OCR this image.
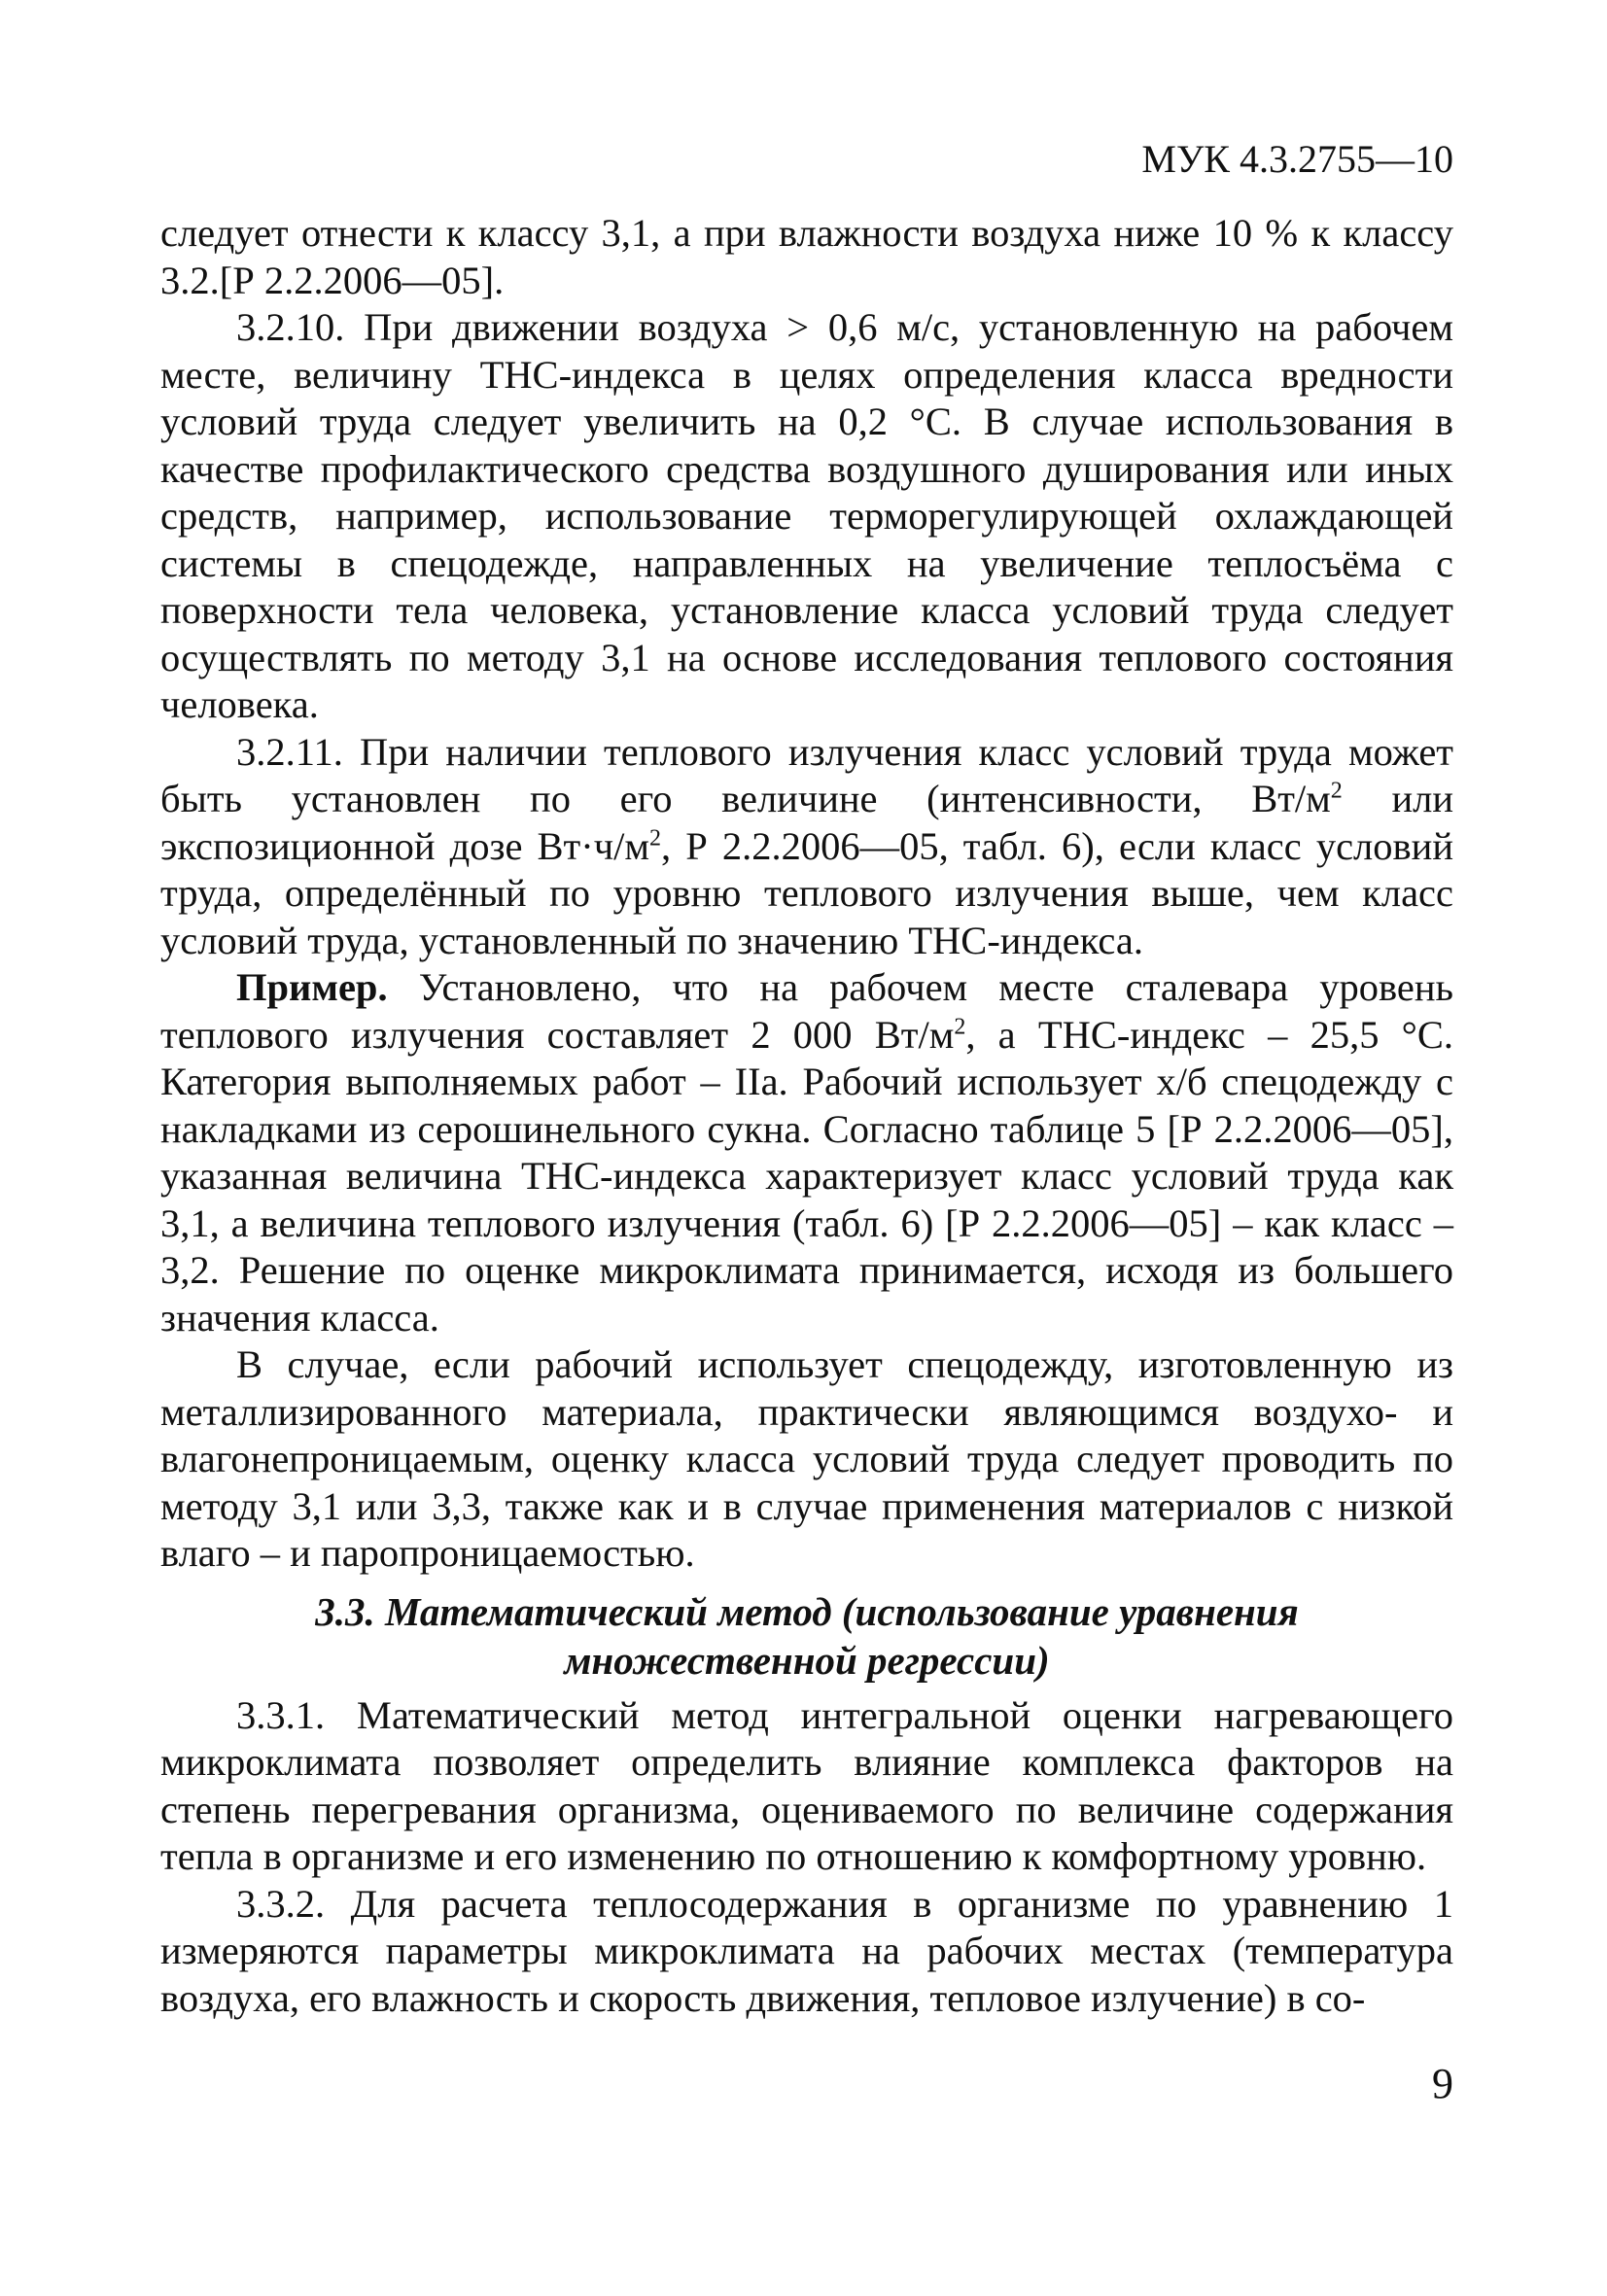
МУК 4.3.2755—10

следует отнести к классу 3,1, а при влажности воздуха ниже 10 % к классу 3.2.[Р 2.2.2006—05].

3.2.10. При движении воздуха > 0,6 м/с, установленную на рабочем месте, величину ТНС-индекса в целях определения класса вредности условий труда следует увеличить на 0,2 °С. В случае использования в качестве профилактического средства воздушного душирования или иных средств, например, использование терморегулирующей охлаждающей системы в спецодежде, направленных на увеличение теплосъёма с поверхности тела человека, установление класса условий труда следует осуществлять по методу 3,1 на основе исследования теплового состояния человека.

3.2.11. При наличии теплового излучения класс условий труда может быть установлен по его величине (интенсивности, $Вт/м^2$ или экспозиционной дозе $Вт\cdot ч/м^2$, Р 2.2.2006—05, табл. 6), если класс условий труда, определённый по уровню теплового излучения выше, чем класс условий труда, установленный по значению ТНС-индекса.

Пример. Установлено, что на рабочем месте сталевара уровень теплового излучения составляет 2 000 $Вт/м^2$, а ТНС-индекс – 25,5 °С. Категория выполняемых работ – IIа. Рабочий использует х/б спецодежду с накладками из серошинельного сукна. Согласно таблице 5 [Р 2.2.2006—05], указанная величина ТНС-индекса характеризует класс условий труда как 3,1, а величина теплового излучения (табл. 6) [Р 2.2.2006—05] – как класс – 3,2. Решение по оценке микроклимата принимается, исходя из большего значения класса.

В случае, если рабочий использует спецодежду, изготовленную из металлизированного материала, практически являющимся воздухо- и влагонепроницаемым, оценку класса условий труда следует проводить по методу 3,1 или 3,3, также как и в случае применения материалов с низкой влаго – и паропроницаемостью.

3.3. Математический метод (использование уравнения
множественной регрессии)

3.3.1. Математический метод интегральной оценки нагревающего микроклимата позволяет определить влияние комплекса факторов на степень перегревания организма, оцениваемого по величине содержания тепла в организме и его изменению по отношению к комфортному уровню.

3.3.2. Для расчета теплосодержания в организме по уравнению 1 измеряются параметры микроклимата на рабочих местах (температура воздуха, его влажность и скорость движения, тепловое излучение) в со-

9
